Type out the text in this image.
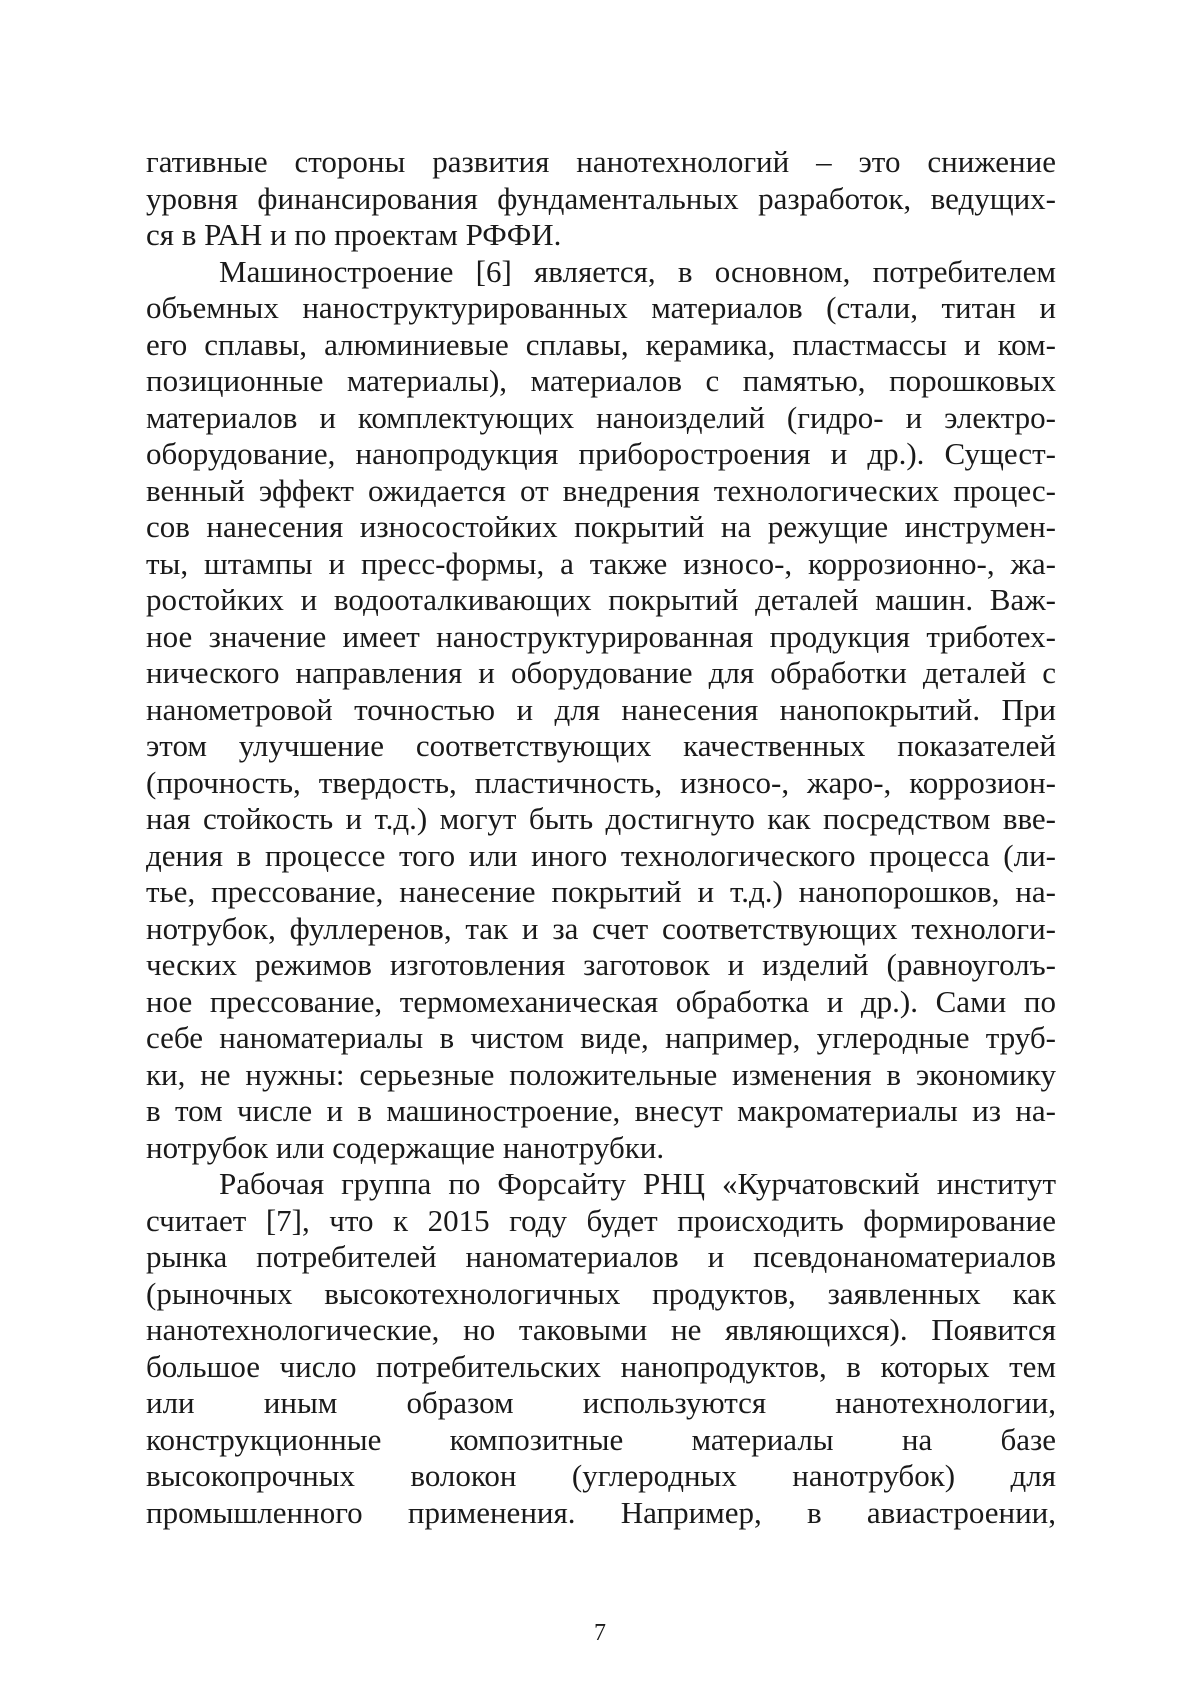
гативные стороны развития нанотехнологий – это снижение
уровня финансирования фундаментальных разработок, ведущих-
ся в РАН и по проектам РФФИ.
Машиностроение [6] является, в основном, потребителем
объемных наноструктурированных материалов (стали, титан и
его сплавы, алюминиевые сплавы, керамика, пластмассы и ком-
позиционные материалы), материалов с памятью, порошковых
материалов и комплектующих наноизделий (гидро- и электро-
оборудование, нанопродукция приборостроения и др.). Сущест-
венный эффект ожидается от внедрения технологических процес-
сов нанесения износостойких покрытий на режущие инструмен-
ты, штампы и пресс-формы, а также износо-, коррозионно-, жа-
ростойких и водооталкивающих покрытий деталей машин. Важ-
ное значение имеет наноструктурированная продукция триботех-
нического направления и оборудование для обработки деталей с
нанометровой точностью и для нанесения нанопокрытий. При
этом улучшение соответствующих качественных показателей
(прочность, твердость, пластичность, износо-, жаро-, коррозион-
ная стойкость и т.д.) могут быть достигнуто как посредством вве-
дения в процессе того или иного технологического процесса (ли-
тье, прессование, нанесение покрытий и т.д.) нанопорошков, на-
нотрубок, фуллеренов, так и за счет соответствующих технологи-
ческих режимов изготовления заготовок и изделий (равноуголъ-
ное прессование, термомеханическая обработка и др.). Сами по
себе наноматериалы в чистом виде, например, углеродные труб-
ки, не нужны: серьезные положительные изменения в экономику
в том числе и в машиностроение, внесут макроматериалы из на-
нотрубок или содержащие нанотрубки.
Рабочая группа по Форсайту РНЦ «Курчатовский институт
считает [7], что к 2015 году будет происходить формирование
рынка потребителей наноматериалов и псевдонаноматериалов
(рыночных высокотехнологичных продуктов, заявленных как
нанотехнологические, но таковыми не являющихся). Появится
большое число потребительских нанопродуктов, в которых тем
или иным образом используются нанотехнологии,
конструкционные композитные материалы на базе
высокопрочных волокон (углеродных нанотрубок) для
промышленного применения. Например, в авиастроении,
7
